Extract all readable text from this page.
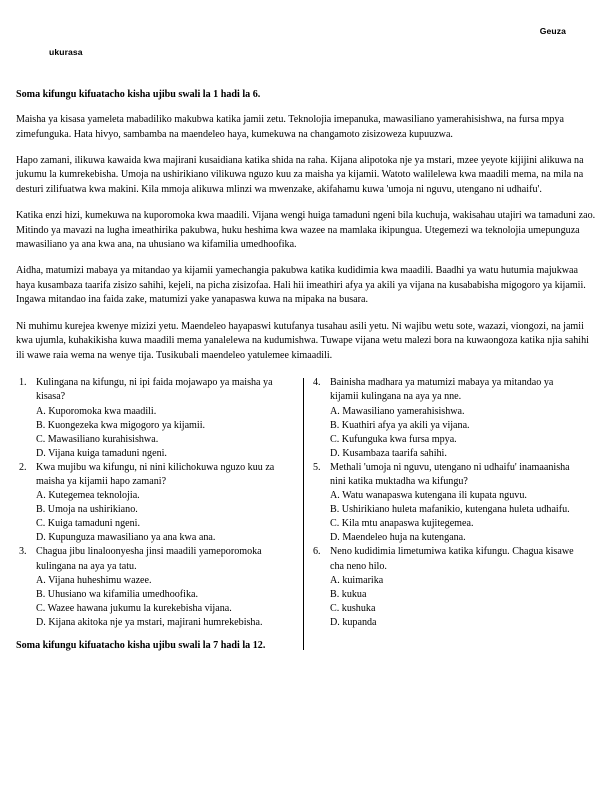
Geuza
ukurasa
Soma kifungu kifuatacho kisha ujibu swali la 1 hadi la 6.

Maisha ya kisasa yameleta mabadiliko makubwa katika jamii zetu. Teknolojia imepanuka, mawasiliano yamerahisishwa, na fursa mpya zimefunguka. Hata hivyo, sambamba na maendeleo haya, kumekuwa na changamoto zisizoweza kupuuzwa.

Hapo zamani, ilikuwa kawaida kwa majirani kusaidiana katika shida na raha. Kijana alipotoka nje ya mstari, mzee yeyote kijijini alikuwa na jukumu la kumrekebisha. Umoja na ushirikiano vilikuwa nguzo kuu za maisha ya kijamii. Watoto walilelewa kwa maadili mema, na mila na desturi zilifuatwa kwa makini. Kila mmoja alikuwa mlinzi wa mwenzake, akifahamu kuwa 'umoja ni nguvu, utengano ni udhaifu'.

Katika enzi hizi, kumekuwa na kuporomoka kwa maadili. Vijana wengi huiga tamaduni ngeni bila kuchuja, wakisahau utajiri wa tamaduni zao. Mitindo ya mavazi na lugha imeathirika pakubwa, huku heshima kwa wazee na mamlaka ikipungua. Utegemezi wa teknolojia umepunguza mawasiliano ya ana kwa ana, na uhusiano wa kifamilia umedhoofika.

Aidha, matumizi mabaya ya mitandao ya kijamii yamechangia pakubwa katika kudidimia kwa maadili. Baadhi ya watu hutumia majukwaa haya kusambaza taarifa zisizo sahihi, kejeli, na picha zisizofaa. Hali hii imeathiri afya ya akili ya vijana na kusababisha migogoro ya kijamii. Ingawa mitandao ina faida zake, matumizi yake yanapaswa kuwa na mipaka na busara.

Ni muhimu kurejea kwenye mizizi yetu. Maendeleo hayapaswi kutufanya tusahau asili yetu. Ni wajibu wetu sote, wazazi, viongozi, na jamii kwa ujumla, kuhakikisha kuwa maadili mema yanalelewa na kudumishwa. Tuwape vijana wetu malezi bora na kuwaongoza katika njia sahihi ili wawe raia wema na wenye tija. Tusikubali maendeleo yatulemee kimaadili.

1. Kulingana na kifungu, ni ipi faida mojawapo ya maisha ya kisasa?
A. Kuporomoka kwa maadili.
B. Kuongezeka kwa migogoro ya kijamii.
C. Mawasiliano kurahisishwa.
D. Vijana kuiga tamaduni ngeni.
2. Kwa mujibu wa kifungu, ni nini kilichokuwa nguzo kuu za maisha ya kijamii hapo zamani?
A. Kutegemea teknolojia.
B. Umoja na ushirikiano.
C. Kuiga tamaduni ngeni.
D. Kupunguza mawasiliano ya ana kwa ana.
3. Chagua jibu linaloonyesha jinsi maadili yameporomoka kulingana na aya ya tatu.
A. Vijana huheshimu wazee.
B. Uhusiano wa kifamilia umedhoofika.
C. Wazee hawana jukumu la kurekebisha vijana.
D. Kijana akitoka nje ya mstari, majirani humrekebisha.
4. Bainisha madhara ya matumizi mabaya ya mitandao ya kijamii kulingana na aya ya nne.
A. Mawasiliano yamerahisishwa.
B. Kuathiri afya ya akili ya vijana.
C. Kufunguka kwa fursa mpya.
D. Kusambaza taarifa sahihi.
5. Methali 'umoja ni nguvu, utengano ni udhaifu' inamaanisha nini katika muktadha wa kifungu?
A. Watu wanapaswa kutengana ili kupata nguvu.
B. Ushirikiano huleta mafanikio, kutengana huleta udhaifu.
C. Kila mtu anapaswa kujitegemea.
D. Maendeleo huja na kutengana.
6. Neno kudidimia limetumiwa katika kifungu. Chagua kisawe cha neno hilo.
A. kuimarika
B. kukua
C. kushuka
D. kupanda
Soma kifungu kifuatacho kisha ujibu swali la 7 hadi la 12.
